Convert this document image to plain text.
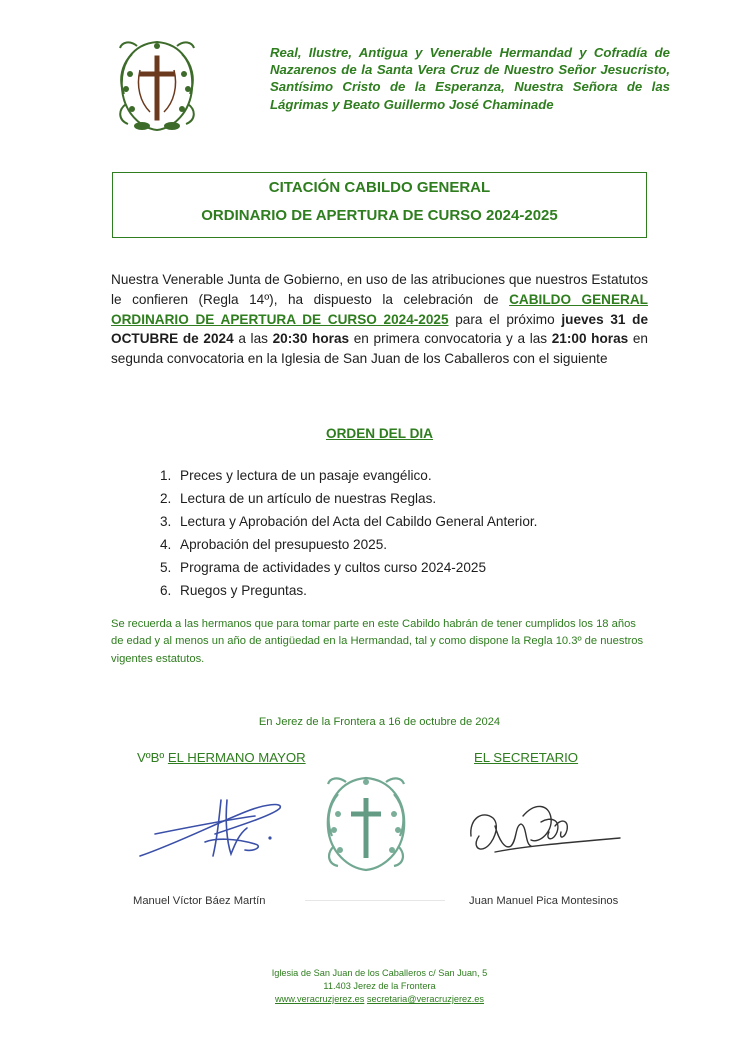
Real, Ilustre, Antigua y Venerable Hermandad y Cofradía de Nazarenos de la Santa Vera Cruz de Nuestro Señor Jesucristo, Santísimo Cristo de la Esperanza, Nuestra Señora de las Lágrimas y Beato Guillermo José Chaminade
CITACIÓN CABILDO GENERAL
ORDINARIO DE APERTURA DE CURSO 2024-2025
Nuestra Venerable Junta de Gobierno, en uso de las atribuciones que nuestros Estatutos le confieren (Regla 14º), ha dispuesto la celebración de CABILDO GENERAL ORDINARIO DE APERTURA DE CURSO 2024-2025 para el próximo jueves 31 de OCTUBRE de 2024 a las 20:30 horas en primera convocatoria y a las 21:00 horas en segunda convocatoria en la Iglesia de San Juan de los Caballeros con el siguiente
ORDEN DEL DIA
1. Preces y lectura de un pasaje evangélico.
2. Lectura de un artículo de nuestras Reglas.
3. Lectura y Aprobación del Acta del Cabildo General Anterior.
4. Aprobación del presupuesto 2025.
5. Programa de actividades y cultos curso 2024-2025
6. Ruegos y Preguntas.
Se recuerda a las hermanos que para tomar parte en este Cabildo habrán de tener cumplidos los 18 años de edad y al menos un año de antigüedad en la Hermandad, tal y como dispone la Regla 10.3º de nuestros vigentes estatutos.
En Jerez de la Frontera a 16 de octubre de 2024
VºBº EL HERMANO MAYOR	EL SECRETARIO
Manuel Víctor Báez Martín	Juan Manuel Pica Montesinos
Iglesia de San Juan de los Caballeros c/ San Juan, 5
11.403 Jerez de la Frontera
www.veracruzjerez.es secretaria@veracruzjerez.es
